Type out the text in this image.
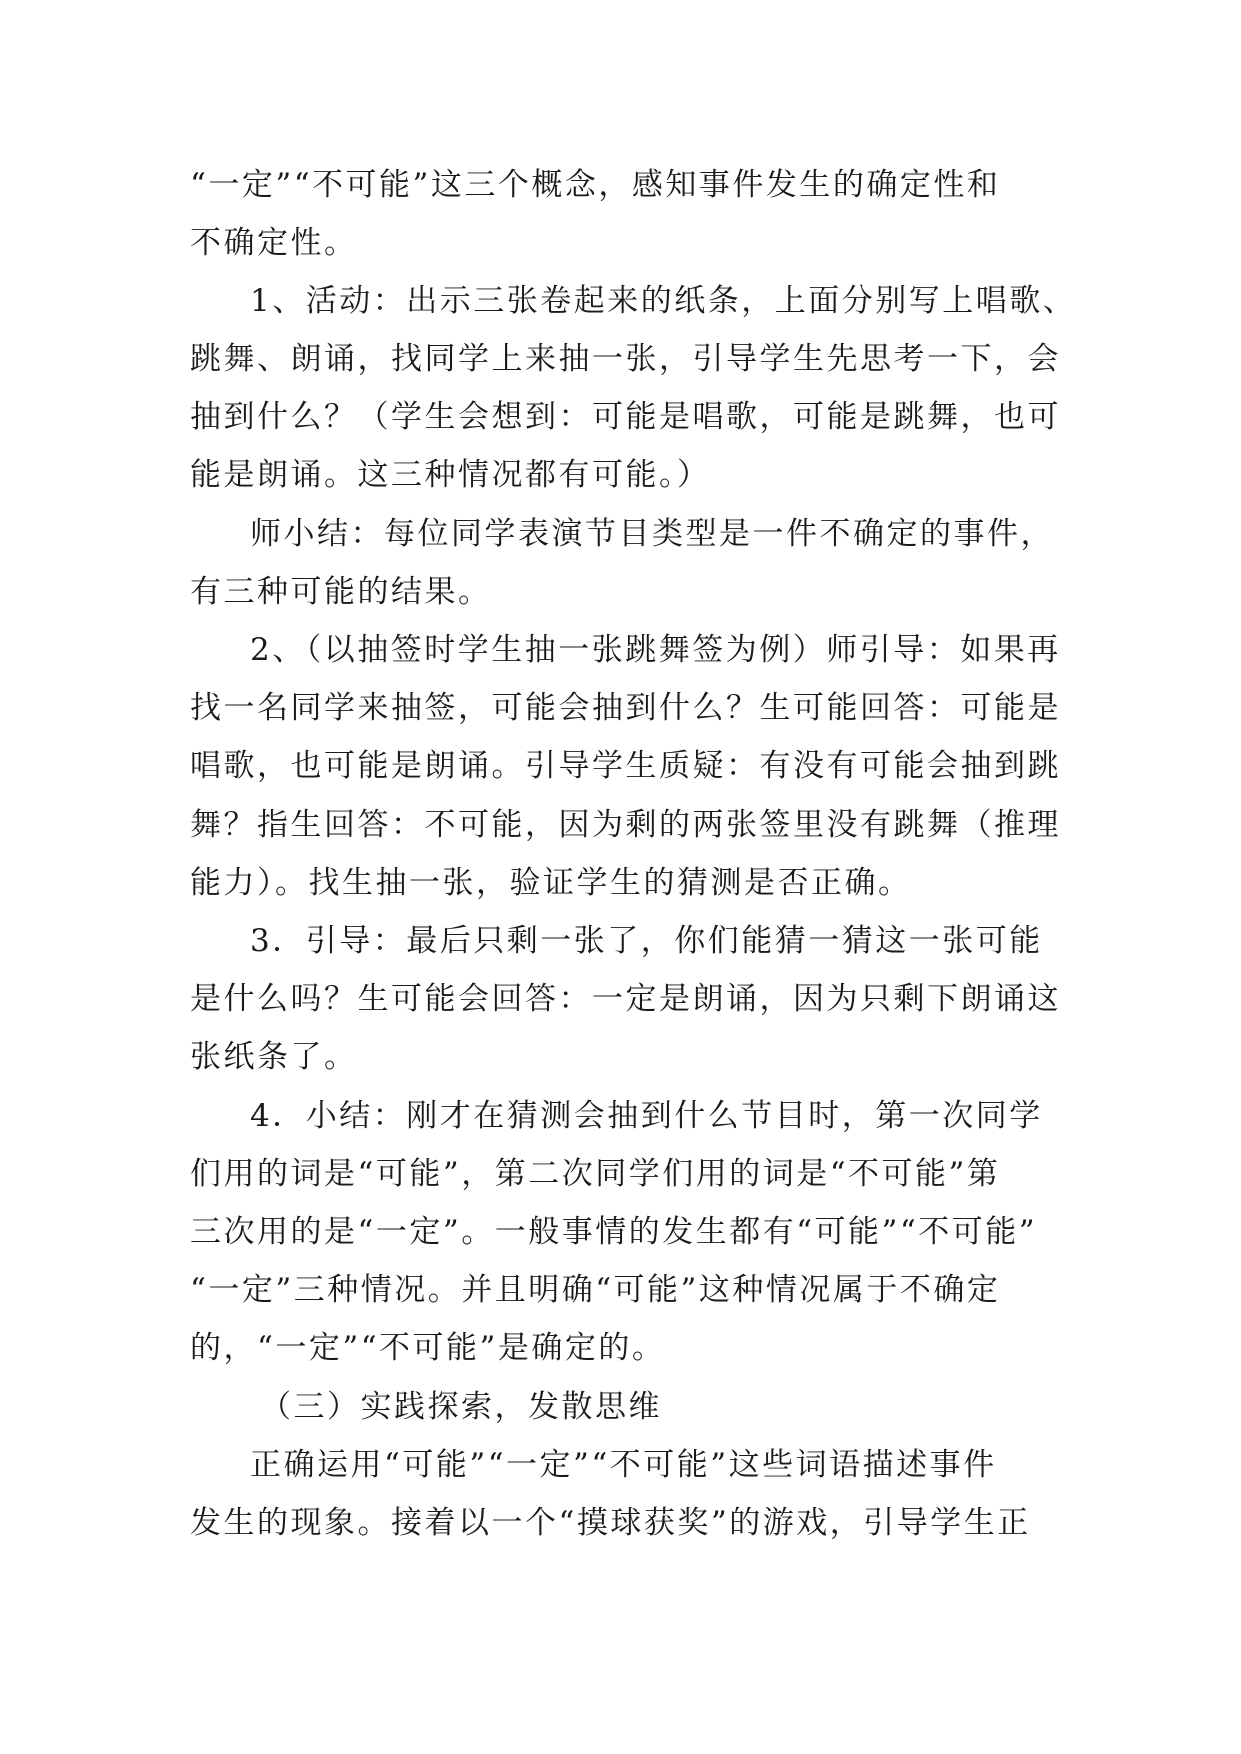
“一定”“不可能”这三个概念，感知事件发生的确定性和
不确定性。
1、活动：出示三张卷起来的纸条，上面分别写上唱歌、
跳舞、朗诵，找同学上来抽一张，引导学生先思考一下，会
抽到什么？（学生会想到：可能是唱歌，可能是跳舞，也可
能是朗诵。这三种情况都有可能。）
师小结：每位同学表演节目类型是一件不确定的事件，
有三种可能的结果。
2、（以抽签时学生抽一张跳舞签为例）师引导：如果再
找一名同学来抽签，可能会抽到什么？生可能回答：可能是
唱歌，也可能是朗诵。引导学生质疑：有没有可能会抽到跳
舞？指生回答：不可能，因为剩的两张签里没有跳舞（推理
能力）。找生抽一张，验证学生的猜测是否正确。
3．引导：最后只剩一张了，你们能猜一猜这一张可能
是什么吗？生可能会回答：一定是朗诵，因为只剩下朗诵这
张纸条了。
4．小结：刚才在猜测会抽到什么节目时，第一次同学
们用的词是“可能”，第二次同学们用的词是“不可能”第
三次用的是“一定”。一般事情的发生都有“可能”“不可能”
“一定”三种情况。并且明确“可能”这种情况属于不确定
的，“一定”“不可能”是确定的。
（三）实践探索，发散思维
正确运用“可能”“一定”“不可能”这些词语描述事件
发生的现象。接着以一个“摸球获奖”的游戏，引导学生正
